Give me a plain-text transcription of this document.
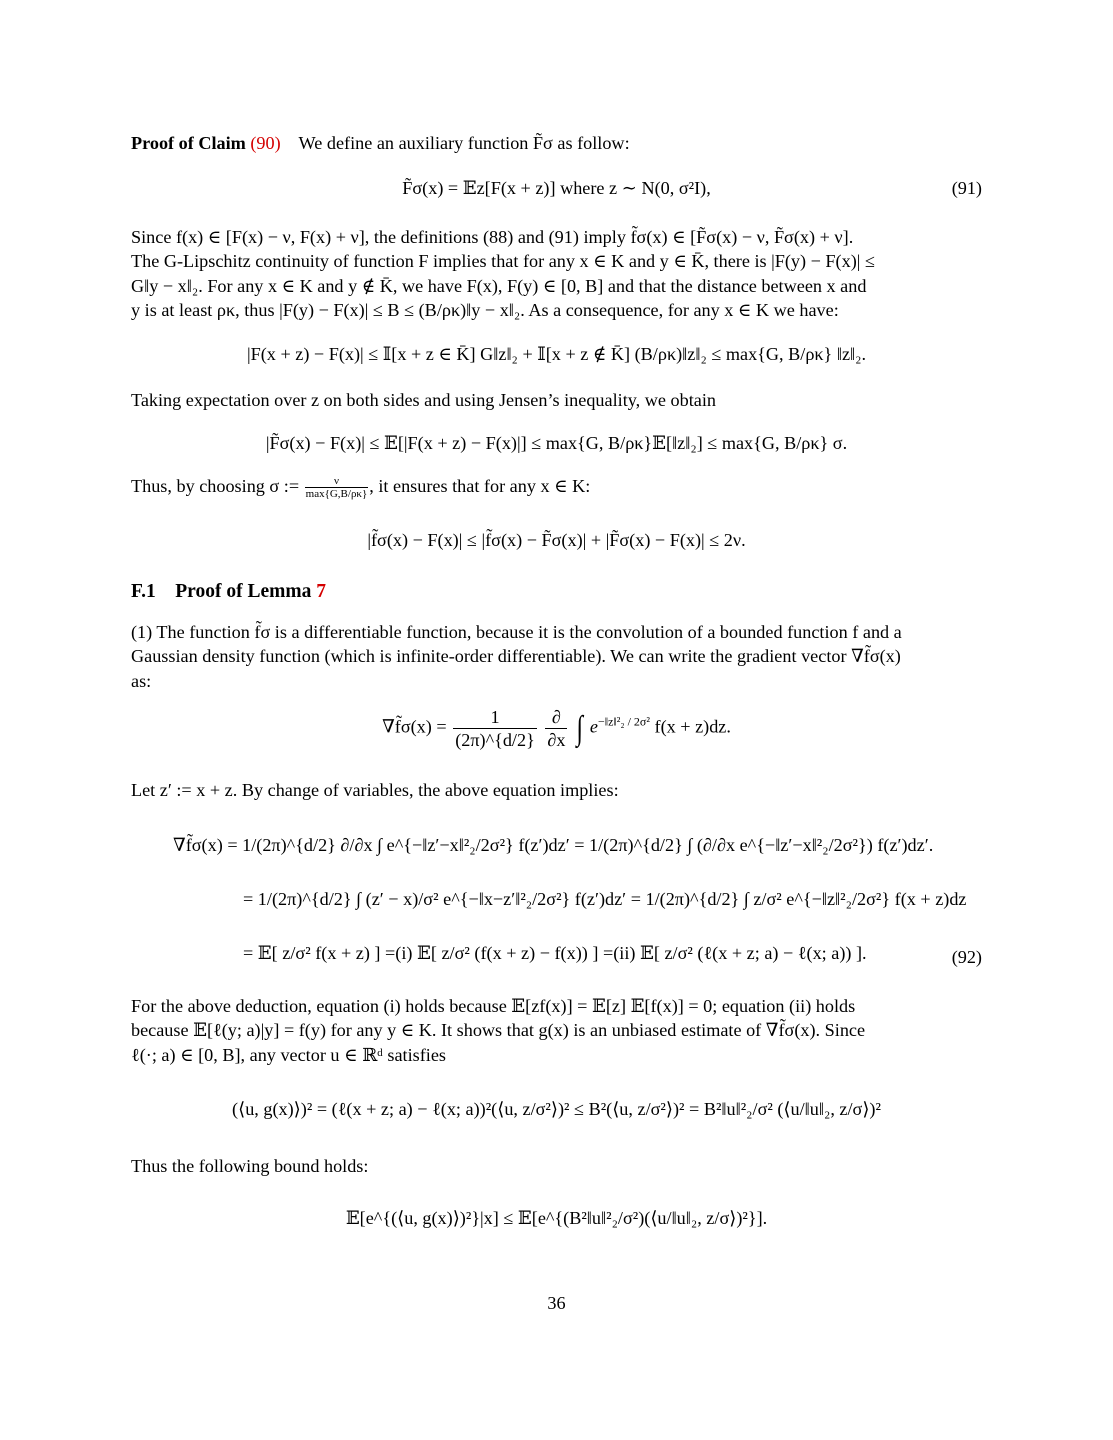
Proof of Claim (90) We define an auxiliary function F̃σ as follow:
F̃σ(x) = 𝔼z[F(x + z)] where z ∼ N(0, σ²I),	(91)
Since f(x) ∈ [F(x) − ν, F(x) + ν], the definitions (88) and (91) imply f̃σ(x) ∈ [F̃σ(x) − ν, F̃σ(x) + ν].
The G-Lipschitz continuity of function F implies that for any x ∈ K and y ∈ K̄, there is |F(y) − F(x)| ≤
G‖y − x‖₂. For any x ∈ K and y ∉ K̄, we have F(x), F(y) ∈ [0, B] and that the distance between x and
y is at least ρκ, thus |F(y) − F(x)| ≤ B ≤ (B/ρκ)‖y − x‖₂. As a consequence, for any x ∈ K we have:
|F(x + z) − F(x)| ≤ 𝕀[x + z ∈ K̄] G‖z‖₂ + 𝕀[x + z ∉ K̄] (B/ρκ)‖z‖₂ ≤ max{G, B/ρκ} ‖z‖₂.
Taking expectation over z on both sides and using Jensen’s inequality, we obtain
|F̃σ(x) − F(x)| ≤ 𝔼[|F(x + z) − F(x)|] ≤ max{G, B/ρκ}𝔼[‖z‖₂] ≤ max{G, B/ρκ} σ.
Thus, by choosing σ :=	ν
max{G,B/ρκ} , it ensures that for any x ∈ K:
|f̃σ(x) − F(x)| ≤ |f̃σ(x) − F̃σ(x)| + |F̃σ(x) − F(x)| ≤ 2ν.
F.1 Proof of Lemma 7
(1) The function f̃σ is a differentiable function, because it is the convolution of a bounded function f and a
Gaussian density function (which is infinite-order differentiable). We can write the gradient vector ∇f̃σ(x)
as:
∇f̃σ(x) = $\frac{1}{(2\pi)\^{}\{d/2\}}$
$\frac{\partial}{\partial x}$ ∫ $e^{-‖z‖^2_2 / 2\sigma^2}$ f(x + z)dz.
Let z′ := x + z. By change of variables, the above equation implies:
∇f̃σ(x) = 1/(2π)^{d/2} ∂/∂x ∫ e^{−‖z′−x‖²₂/2σ²} f(z′)dz′ = 1/(2π)^{d/2} ∫ (∂/∂x e^{−‖z′−x‖²₂/2σ²}) f(z′)dz′.
= 1/(2π)^{d/2} ∫ (z′ − x)/σ² e^{−‖x−z′‖²₂/2σ²} f(z′)dz′ = 1/(2π)^{d/2} ∫ z/σ² e^{−‖z‖²₂/2σ²} f(x + z)dz
= 𝔼[ z/σ² f(x + z) ] =(i) 𝔼[ z/σ² (f(x + z) − f(x)) ] =(ii) 𝔼[ z/σ² (ℓ(x + z; a) − ℓ(x; a)) ].	(92)
For the above deduction, equation (i) holds because 𝔼[zf(x)] = 𝔼[z] 𝔼[f(x)] = 0; equation (ii) holds
because 𝔼[ℓ(y; a)|y] = f(y) for any y ∈ K. It shows that g(x) is an unbiased estimate of ∇f̃σ(x). Since
ℓ(·; a) ∈ [0, B], any vector u ∈ ℝᵈ satisfies
(⟨u, g(x)⟩)² = (ℓ(x + z; a) − ℓ(x; a))²(⟨u, z/σ²⟩)² ≤ B²(⟨u, z/σ²⟩)² = B²‖u‖²₂/σ² (⟨u/‖u‖₂, z/σ⟩)²
Thus the following bound holds:
𝔼[e^{(⟨u, g(x)⟩)²}|x] ≤ 𝔼[e^{(B²‖u‖²₂/σ²)(⟨u/‖u‖₂, z/σ⟩)²}].
36
